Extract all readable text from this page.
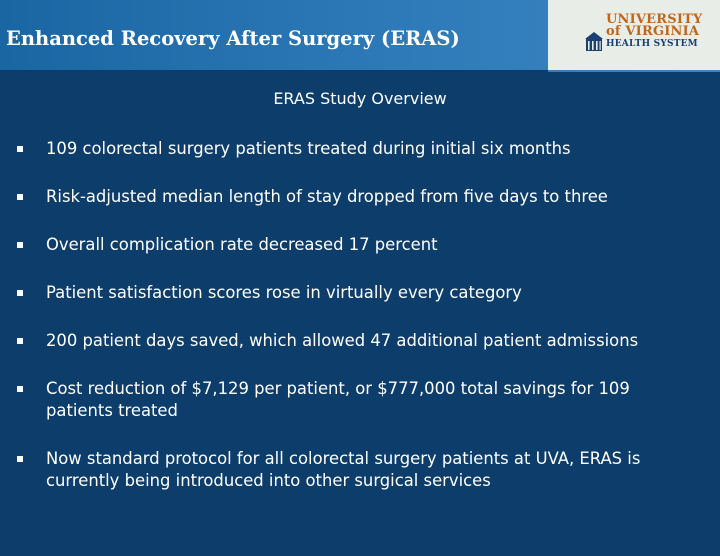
Enhanced Recovery After Surgery (ERAS)
UNIVERSITY
of VIRGINIA
HEALTH SYSTEM
ERAS Study Overview
109 colorectal surgery patients treated during initial six months
Risk-adjusted median length of stay dropped from five days to three
Overall complication rate decreased 17 percent
Patient satisfaction scores rose in virtually every category
200 patient days saved, which allowed 47 additional patient admissions
Cost reduction of $7,129 per patient, or $777,000 total savings for 109 patients treated
Now standard protocol for all colorectal surgery patients at UVA, ERAS is currently being introduced into other surgical services
